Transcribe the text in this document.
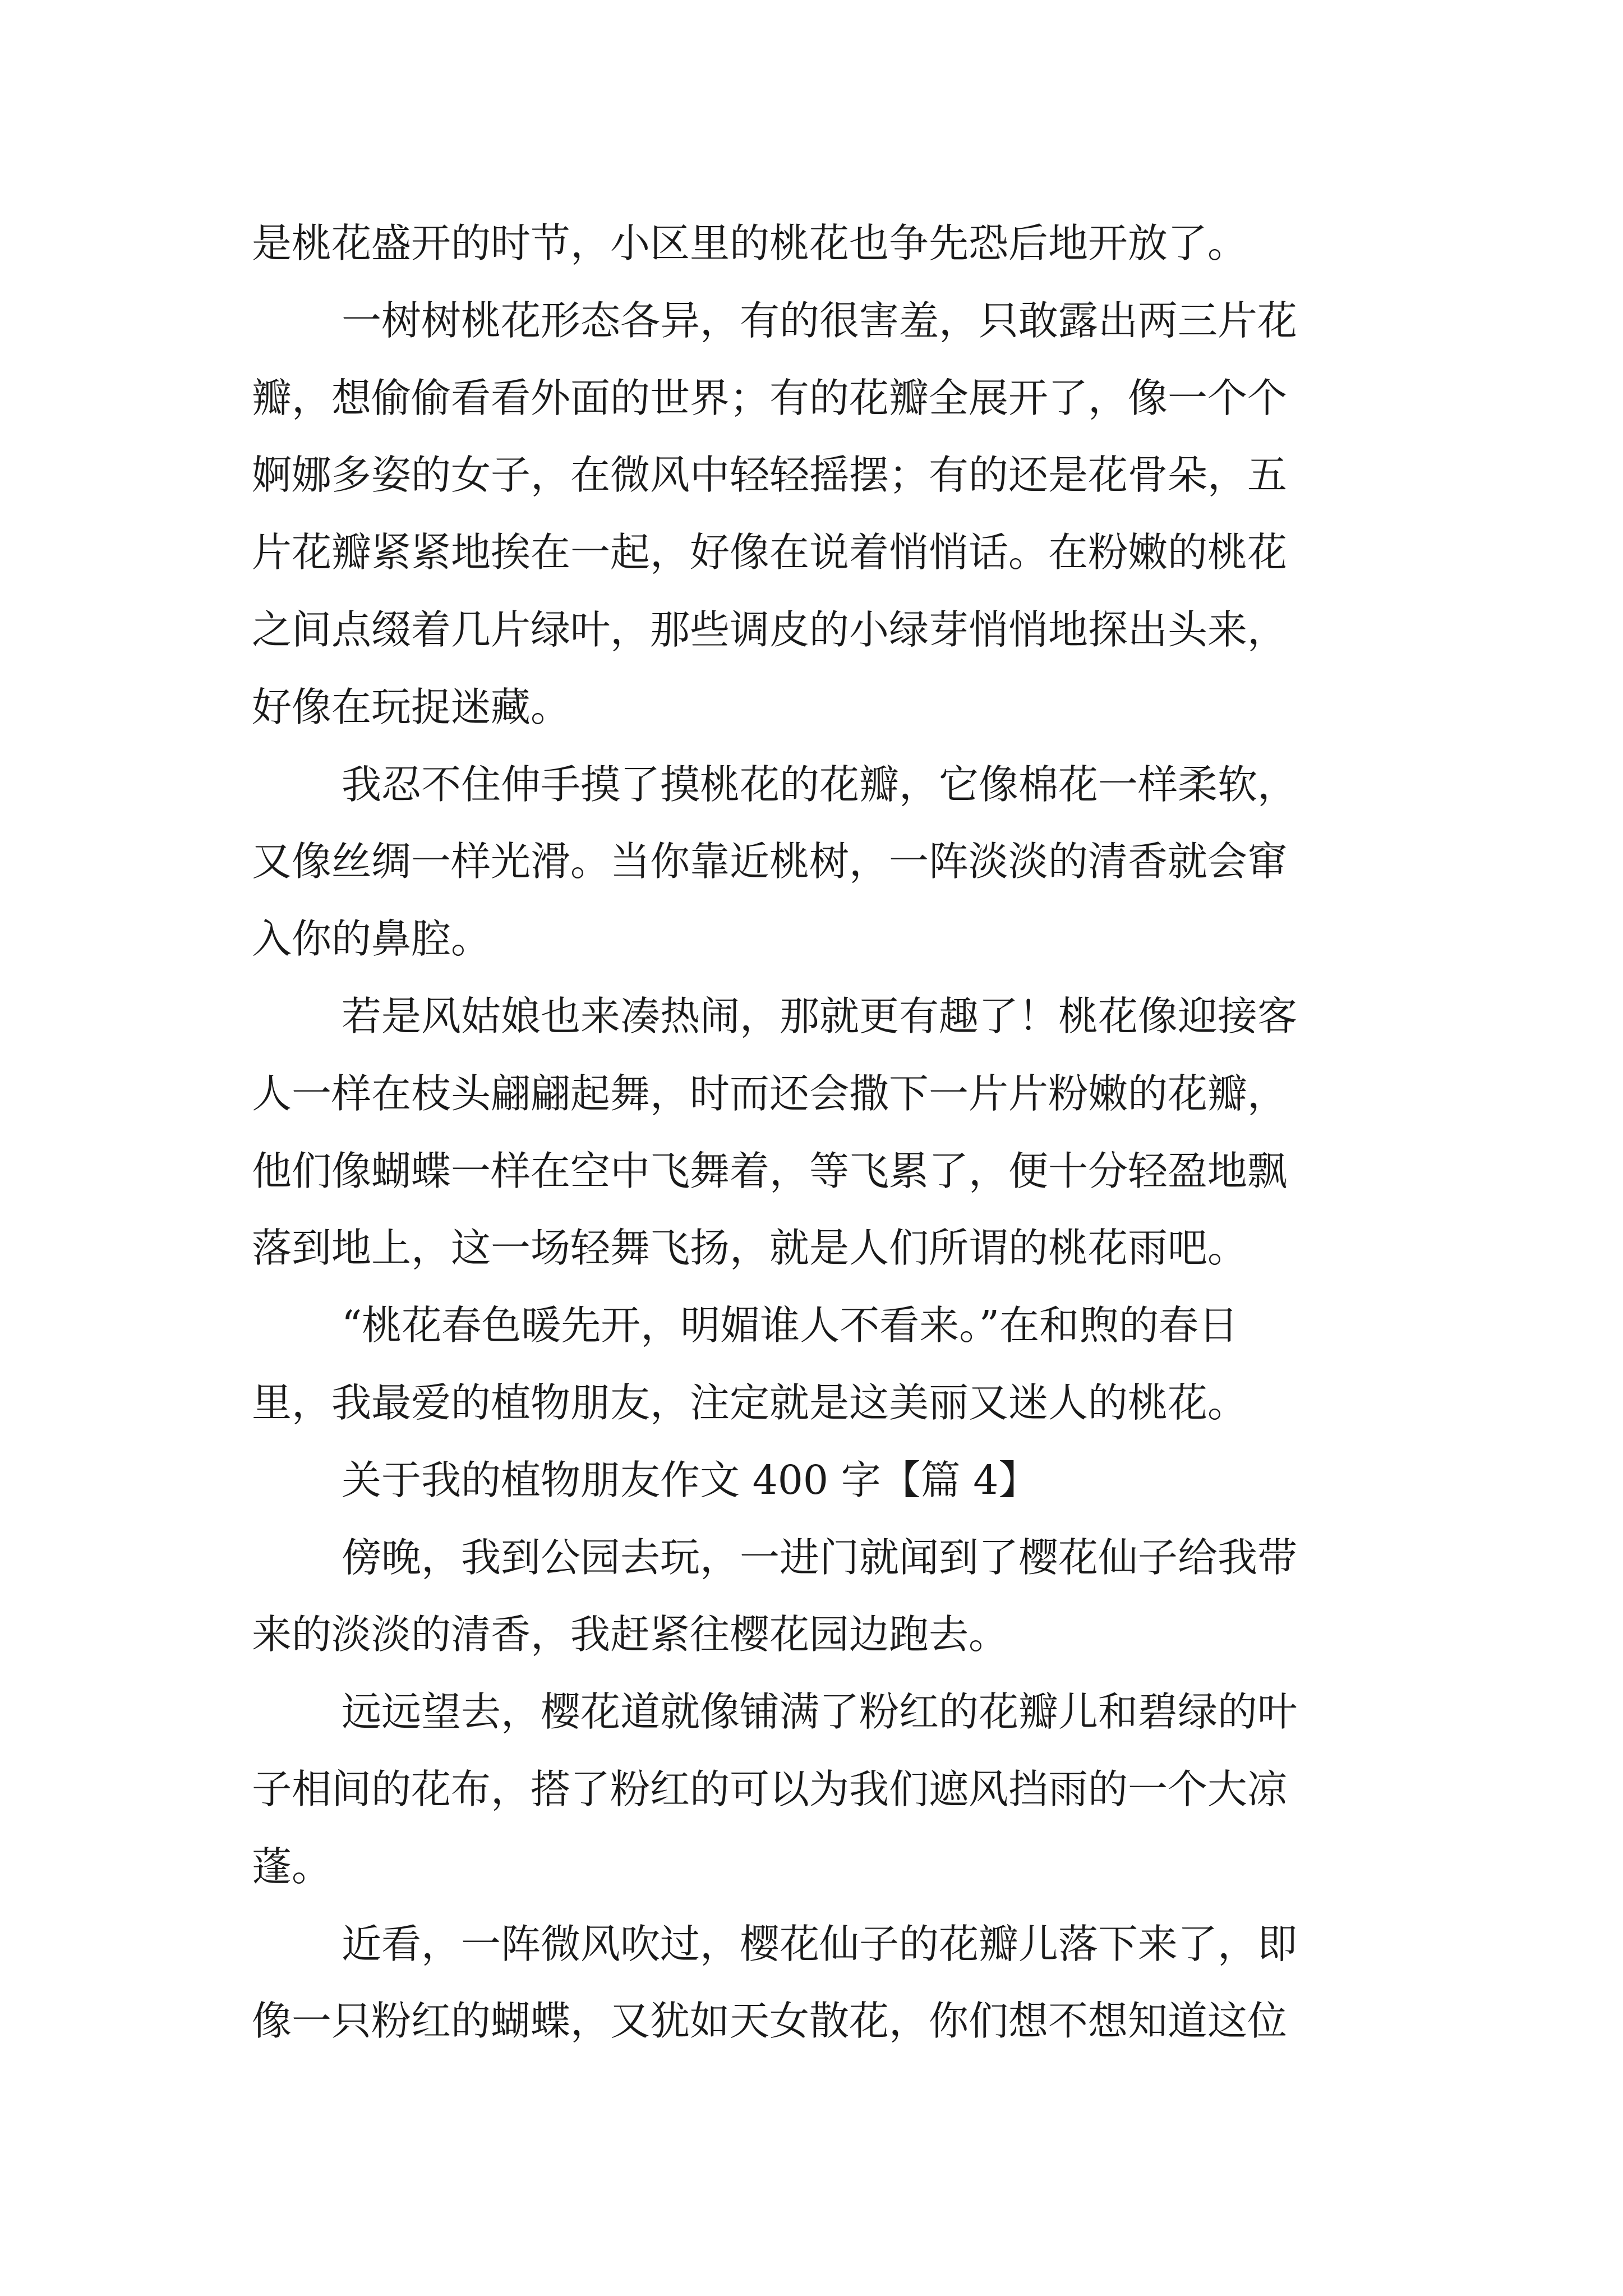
是桃花盛开的时节，小区里的桃花也争先恐后地开放了。
一树树桃花形态各异，有的很害羞，只敢露出两三片花
瓣，想偷偷看看外面的世界；有的花瓣全展开了，像一个个
婀娜多姿的女子，在微风中轻轻摇摆；有的还是花骨朵，五
片花瓣紧紧地挨在一起，好像在说着悄悄话。在粉嫩的桃花
之间点缀着几片绿叶，那些调皮的小绿芽悄悄地探出头来，
好像在玩捉迷藏。
我忍不住伸手摸了摸桃花的花瓣，它像棉花一样柔软，
又像丝绸一样光滑。当你靠近桃树，一阵淡淡的清香就会窜
入你的鼻腔。
若是风姑娘也来凑热闹，那就更有趣了！桃花像迎接客
人一样在枝头翩翩起舞，时而还会撒下一片片粉嫩的花瓣，
他们像蝴蝶一样在空中飞舞着，等飞累了，便十分轻盈地飘
落到地上，这一场轻舞飞扬，就是人们所谓的桃花雨吧。
“桃花春色暖先开，明媚谁人不看来。”在和煦的春日
里，我最爱的植物朋友，注定就是这美丽又迷人的桃花。
关于我的植物朋友作文 400 字【篇 4】
傍晚，我到公园去玩，一进门就闻到了樱花仙子给我带
来的淡淡的清香，我赶紧往樱花园边跑去。
远远望去，樱花道就像铺满了粉红的花瓣儿和碧绿的叶
子相间的花布，搭了粉红的可以为我们遮风挡雨的一个大凉
蓬。
近看，一阵微风吹过，樱花仙子的花瓣儿落下来了，即
像一只粉红的蝴蝶，又犹如天女散花，你们想不想知道这位
